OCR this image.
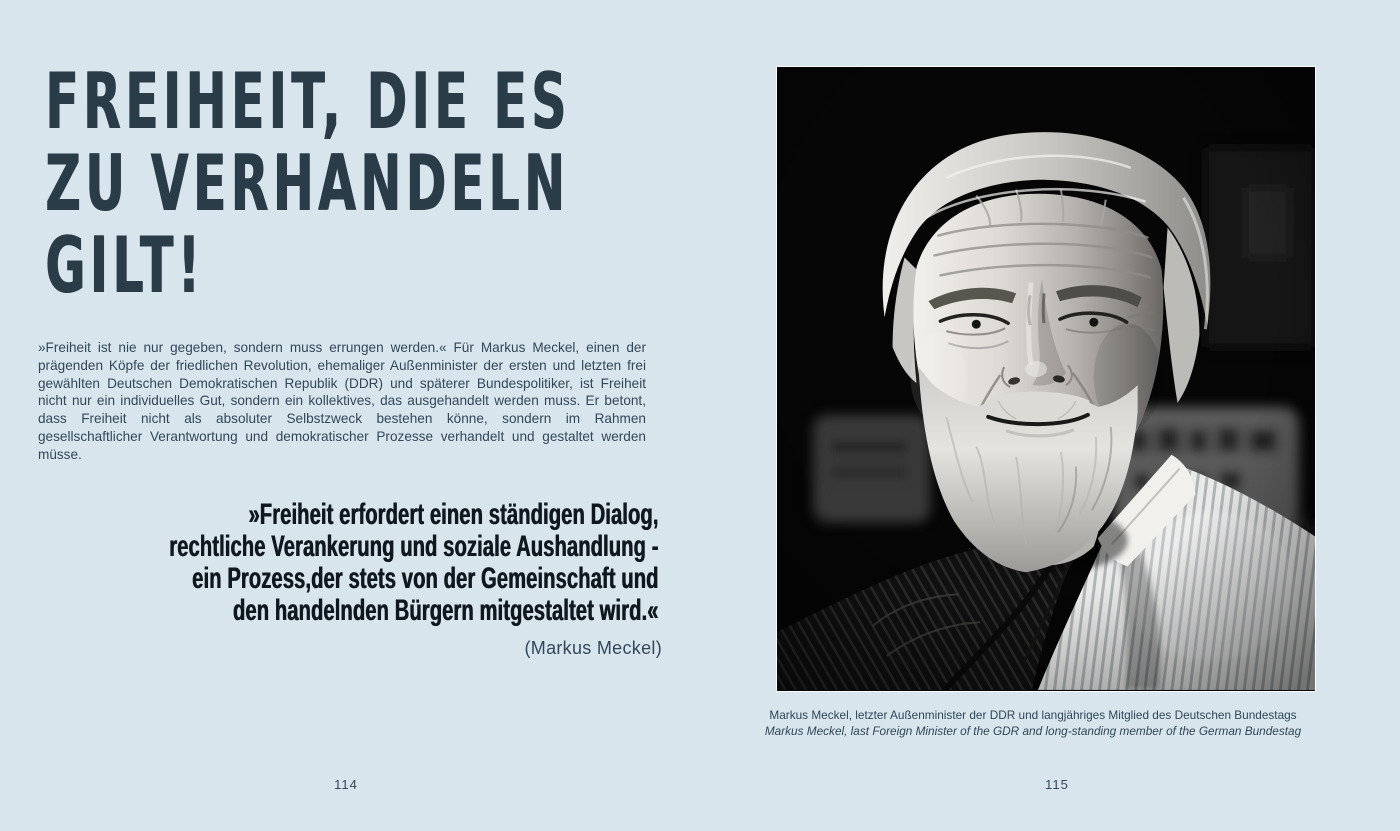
FREIHEIT, DIE ES
ZU VERHANDELN
GILT!

»Freiheit ist nie nur gegeben, sondern muss errungen werden.« Für Markus Meckel, einen der prägenden Köpfe der friedlichen Revolution, ehemaliger Außenminister der ersten und letzten frei gewählten Deutschen Demokratischen Republik (DDR) und späterer Bundespolitiker, ist Freiheit nicht nur ein individuelles Gut, sondern ein kollektives, das ausgehandelt werden muss. Er betont, dass Freiheit nicht als absoluter Selbstzweck bestehen könne, sondern im Rahmen gesellschaftlicher Verantwortung und demokratischer Prozesse verhandelt und gestaltet werden müsse.

»Freiheit erfordert einen ständigen Dialog,
rechtliche Verankerung und soziale Aushandlung -
ein Prozess,der stets von der Gemeinschaft und
den handelnden Bürgern mitgestaltet wird.«
(Markus Meckel)
Markus Meckel, letzter Außenminister der DDR und langjähriges Mitglied des Deutschen Bundestags
Markus Meckel, last Foreign Minister of the GDR and long-standing member of the German Bundestag
114	115
